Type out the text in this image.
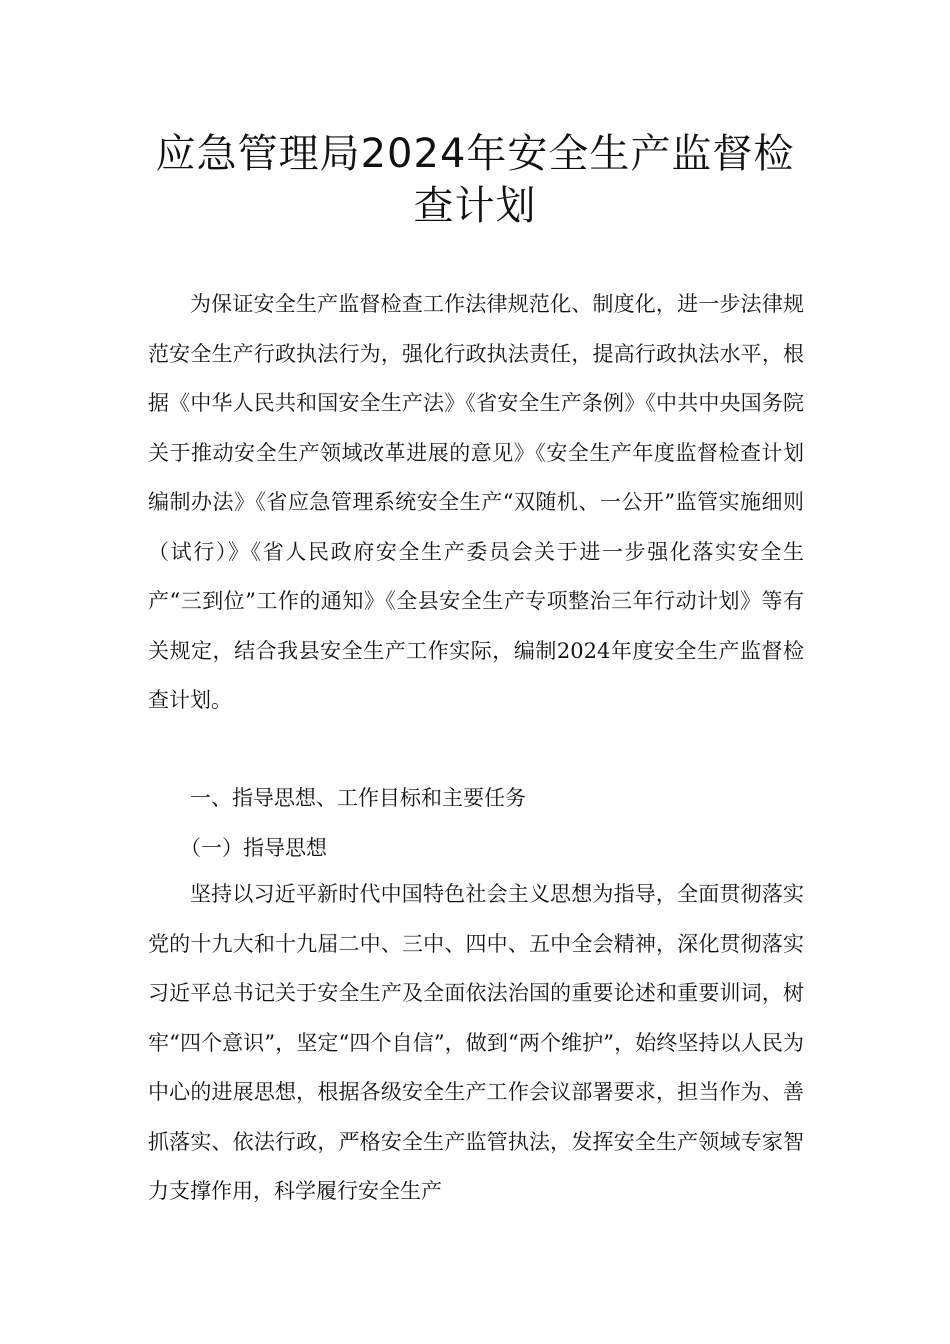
应急管理局2024年安全生产监督检查计划

为保证安全生产监督检查工作法律规范化、制度化，进一步法律规范安全生产行政执法行为，强化行政执法责任，提高行政执法水平，根据《中华人民共和国安全生产法》《省安全生产条例》《中共中央国务院关于推动安全生产领域改革进展的意见》《安全生产年度监督检查计划编制办法》《省应急管理系统安全生产“双随机、一公开”监管实施细则（试行）》《省人民政府安全生产委员会关于进一步强化落实安全生产“三到位”工作的通知》《全县安全生产专项整治三年行动计划》等有关规定，结合我县安全生产工作实际，编制2024年度安全生产监督检查计划。

一、指导思想、工作目标和主要任务
（一）指导思想

坚持以习近平新时代中国特色社会主义思想为指导，全面贯彻落实党的十九大和十九届二中、三中、四中、五中全会精神，深化贯彻落实习近平总书记关于安全生产及全面依法治国的重要论述和重要训词，树牢“四个意识”，坚定“四个自信”，做到“两个维护”，始终坚持以人民为中心的进展思想，根据各级安全生产工作会议部署要求，担当作为、善抓落实、依法行政，严格安全生产监管执法，发挥安全生产领域专家智力支撑作用，科学履行安全生产
